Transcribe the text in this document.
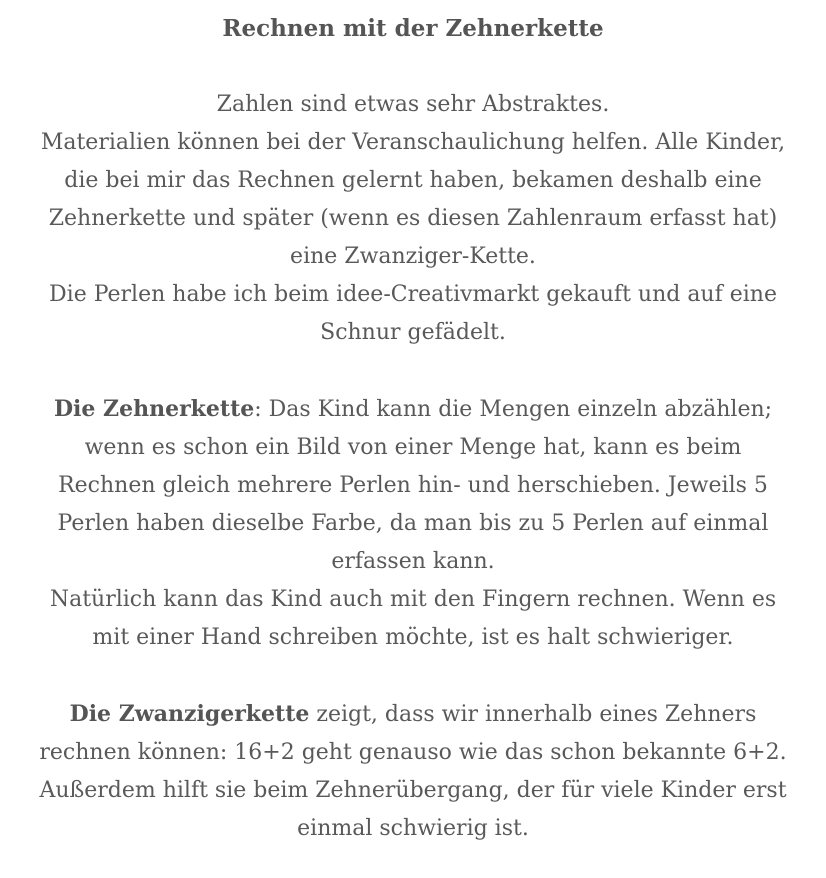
Rechnen mit der Zehnerkette

Zahlen sind etwas sehr Abstraktes.
Materialien können bei der Veranschaulichung helfen. Alle Kinder,
die bei mir das Rechnen gelernt haben, bekamen deshalb eine
Zehnerkette und später (wenn es diesen Zahlenraum erfasst hat)
eine Zwanziger-Kette.
Die Perlen habe ich beim idee-Creativmarkt gekauft und auf eine
Schnur gefädelt.

Die Zehnerkette: Das Kind kann die Mengen einzeln abzählen;
wenn es schon ein Bild von einer Menge hat, kann es beim
Rechnen gleich mehrere Perlen hin- und herschieben. Jeweils 5
Perlen haben dieselbe Farbe, da man bis zu 5 Perlen auf einmal
erfassen kann.
Natürlich kann das Kind auch mit den Fingern rechnen. Wenn es
mit einer Hand schreiben möchte, ist es halt schwieriger.

Die Zwanzigerkette zeigt, dass wir innerhalb eines Zehners
rechnen können: 16+2 geht genauso wie das schon bekannte 6+2.
Außerdem hilft sie beim Zehnerübergang, der für viele Kinder erst
einmal schwierig ist.
